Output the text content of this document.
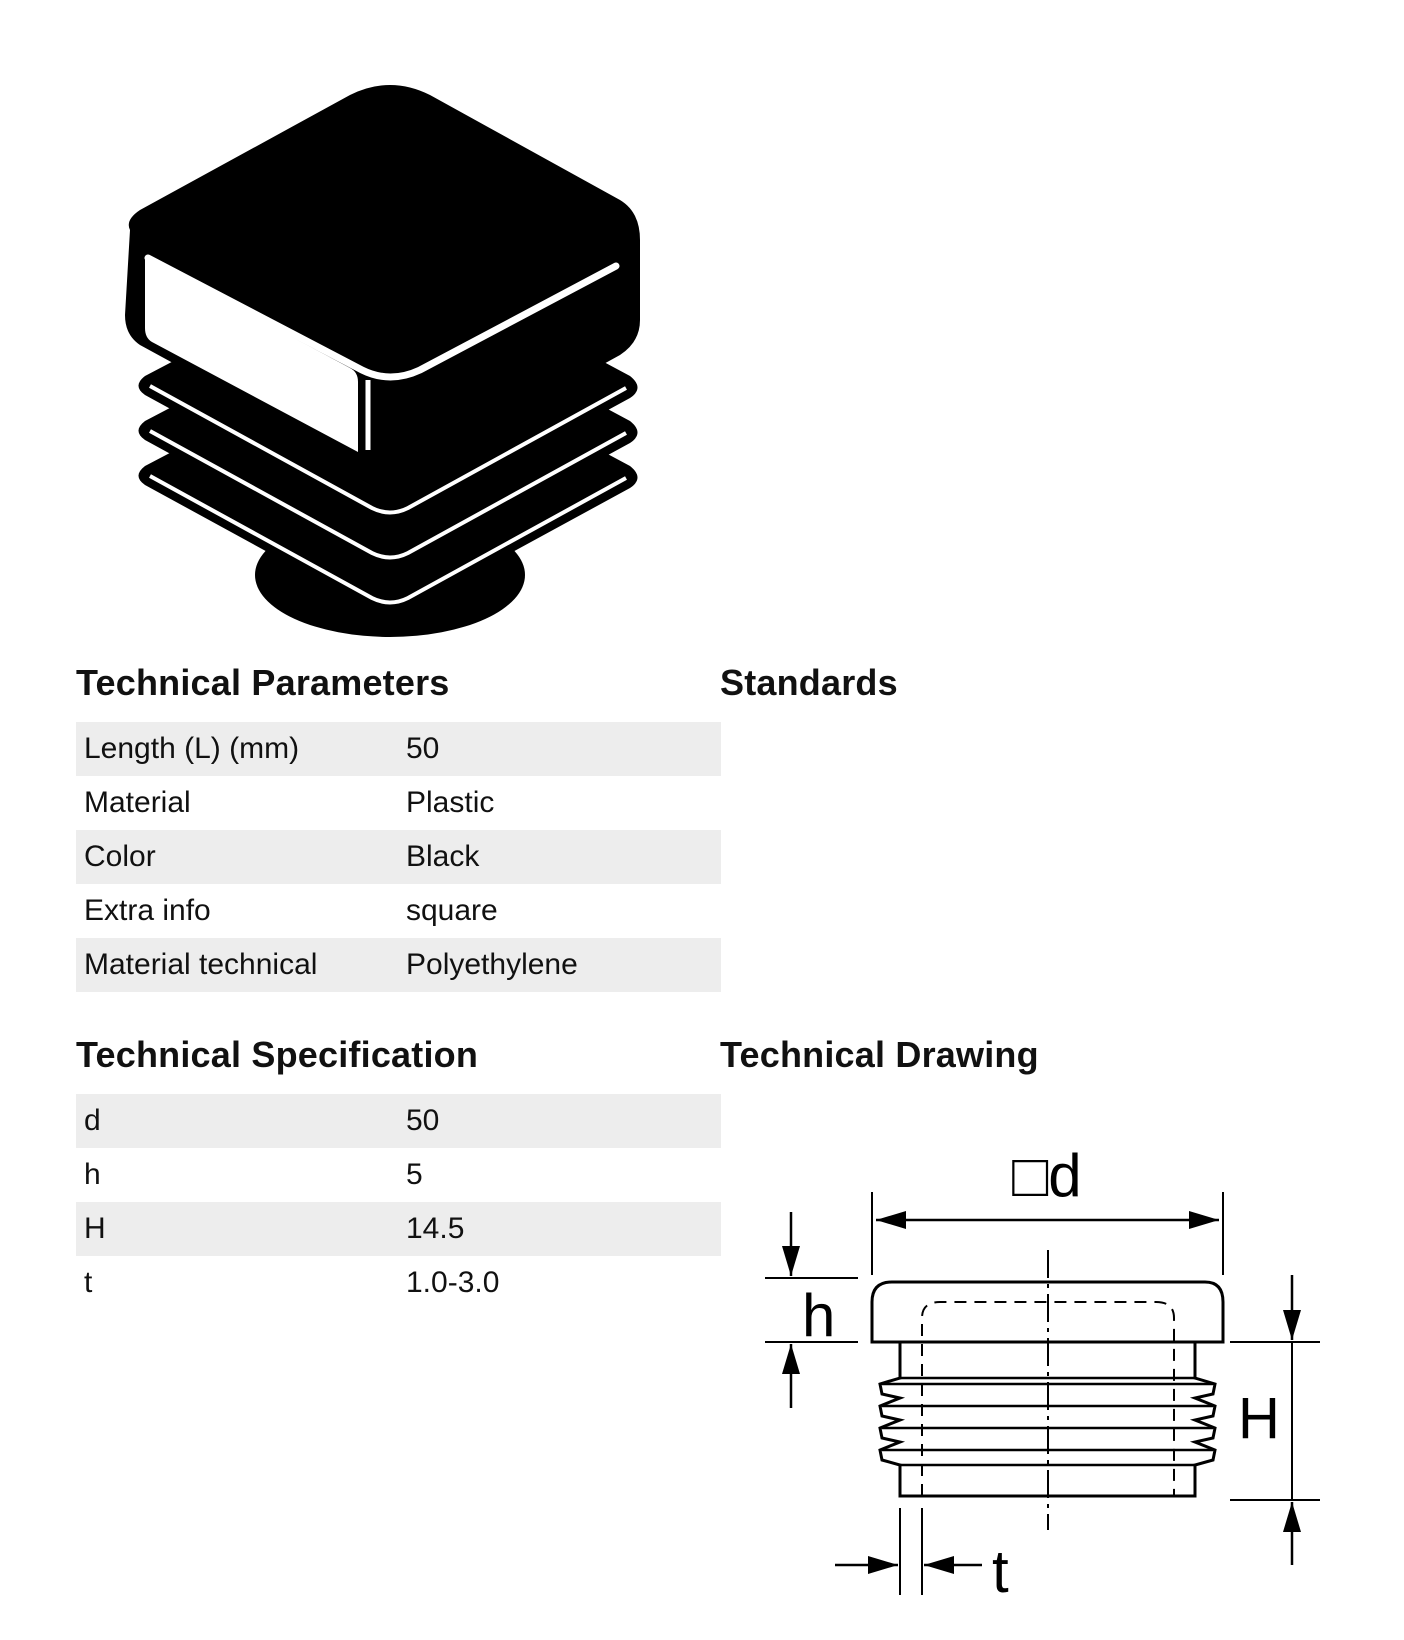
Technical Parameters
Length (L) (mm)	50
Material	Plastic
Color	Black
Extra info	square
Material technical	Polyethylene
Standards
Technical Specification
d	50
h	5
H	14.5
t	1.0-3.0
Technical Drawing
□d
h
H
t
